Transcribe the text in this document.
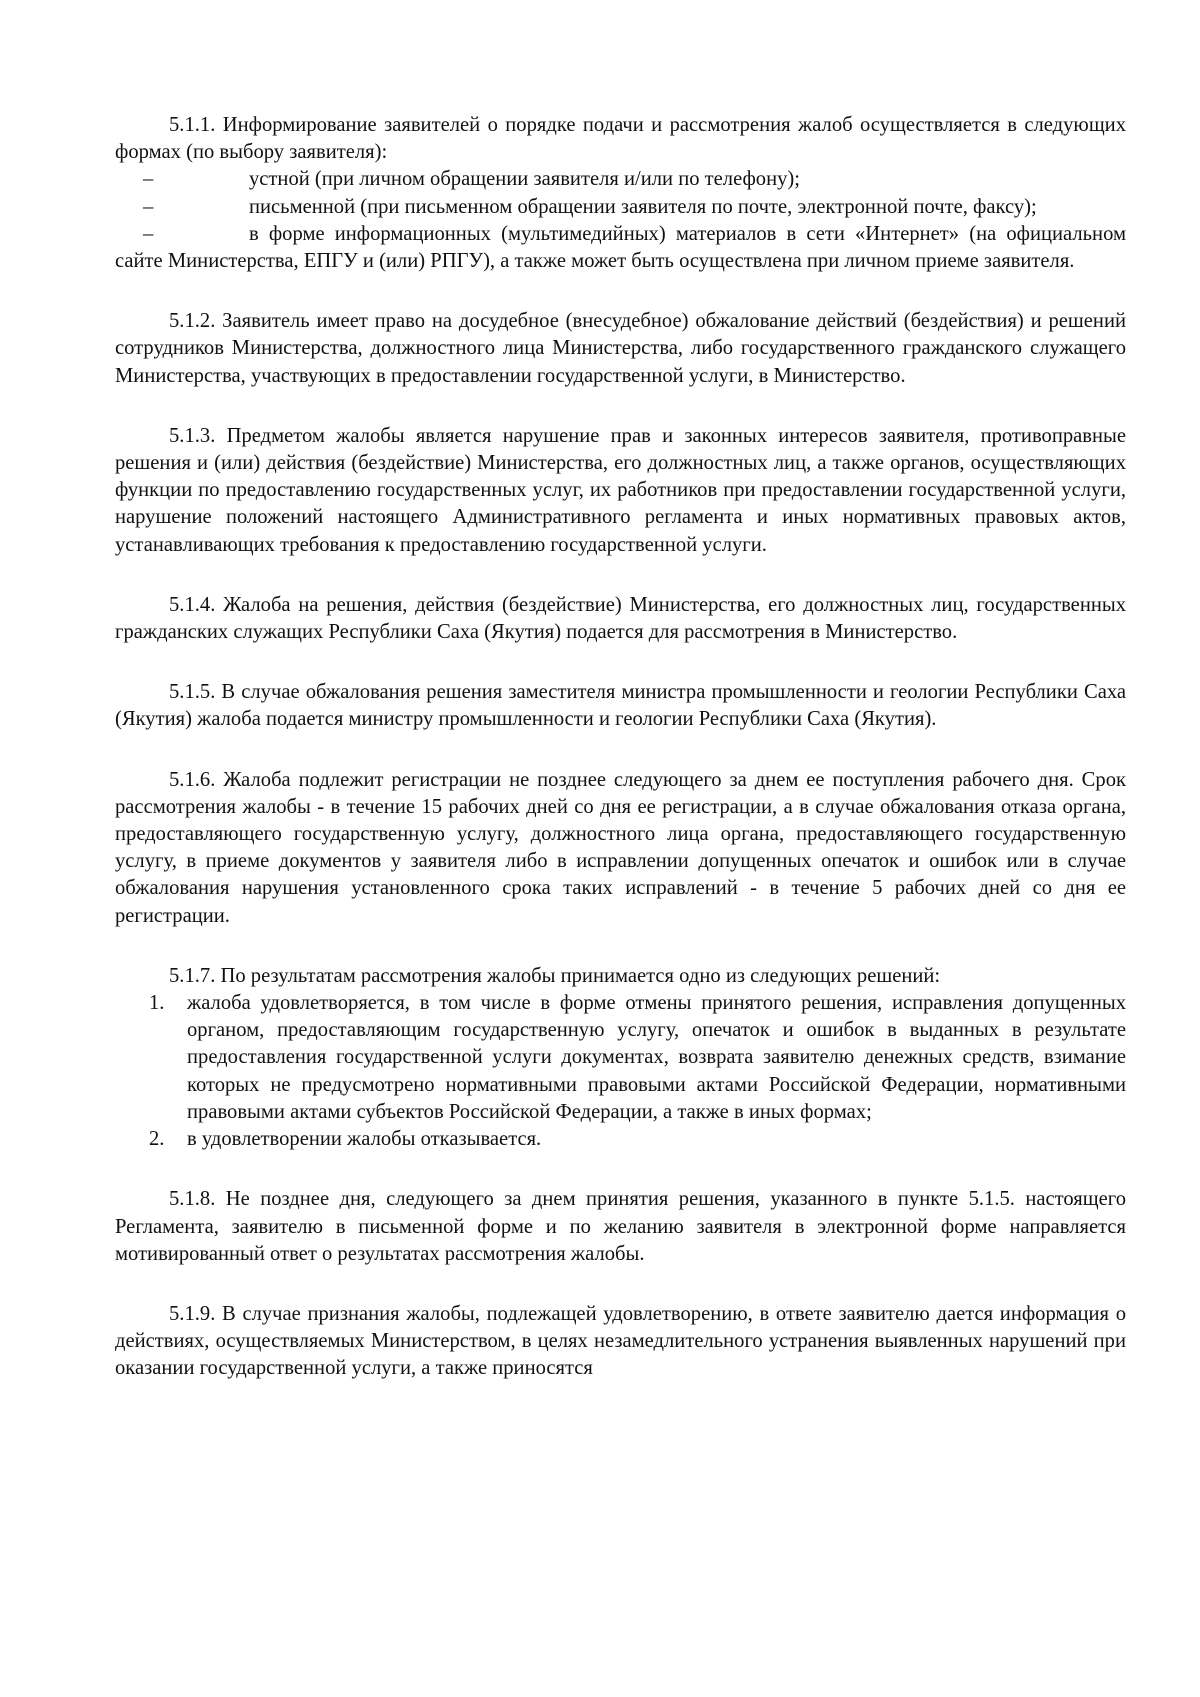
5.1.1. Информирование заявителей о порядке подачи и рассмотрения жалоб осуществляется в следующих формах (по выбору заявителя):

–	устной (при личном обращении заявителя и/или по телефону);

–	письменной (при письменном обращении заявителя по почте, электронной почте, факсу);

–	в форме информационных (мультимедийных) материалов в сети «Интернет» (на официальном сайте Министерства, ЕПГУ и (или) РПГУ), а также может быть осуществлена при личном приеме заявителя.

5.1.2. Заявитель имеет право на досудебное (внесудебное) обжалование действий (бездействия) и решений сотрудников Министерства, должностного лица Министерства, либо государственного гражданского служащего Министерства, участвующих в предоставлении государственной услуги, в Министерство.

5.1.3. Предметом жалобы является нарушение прав и законных интересов заявителя, противоправные решения и (или) действия (бездействие) Министерства, его должностных лиц, а также органов, осуществляющих функции по предоставлению государственных услуг, их работников при предоставлении государственной услуги, нарушение положений настоящего Административного регламента и иных нормативных правовых актов, устанавливающих требования к предоставлению государственной услуги.

5.1.4. Жалоба на решения, действия (бездействие) Министерства, его должностных лиц, государственных гражданских служащих Республики Саха (Якутия) подается для рассмотрения в Министерство.

5.1.5. В случае обжалования решения заместителя министра промышленности и геологии Республики Саха (Якутия) жалоба подается министру промышленности и геологии Республики Саха (Якутия).

5.1.6. Жалоба подлежит регистрации не позднее следующего за днем ее поступления рабочего дня. Срок рассмотрения жалобы - в течение 15 рабочих дней со дня ее регистрации, а в случае обжалования отказа органа, предоставляющего государственную услугу, должностного лица органа, предоставляющего государственную услугу, в приеме документов у заявителя либо в исправлении допущенных опечаток и ошибок или в случае обжалования нарушения установленного срока таких исправлений - в течение 5 рабочих дней со дня ее регистрации.

5.1.7. По результатам рассмотрения жалобы принимается одно из следующих решений:

1. жалоба удовлетворяется, в том числе в форме отмены принятого решения, исправления допущенных органом, предоставляющим государственную услугу, опечаток и ошибок в выданных в результате предоставления государственной услуги документах, возврата заявителю денежных средств, взимание которых не предусмотрено нормативными правовыми актами Российской Федерации, нормативными правовыми актами субъектов Российской Федерации, а также в иных формах;
2. в удовлетворении жалобы отказывается.

5.1.8. Не позднее дня, следующего за днем принятия решения, указанного в пункте 5.1.5. настоящего Регламента, заявителю в письменной форме и по желанию заявителя в электронной форме направляется мотивированный ответ о результатах рассмотрения жалобы.

5.1.9. В случае признания жалобы, подлежащей удовлетворению, в ответе заявителю дается информация о действиях, осуществляемых Министерством, в целях незамедлительного устранения выявленных нарушений при оказании государственной услуги, а также приносятся
